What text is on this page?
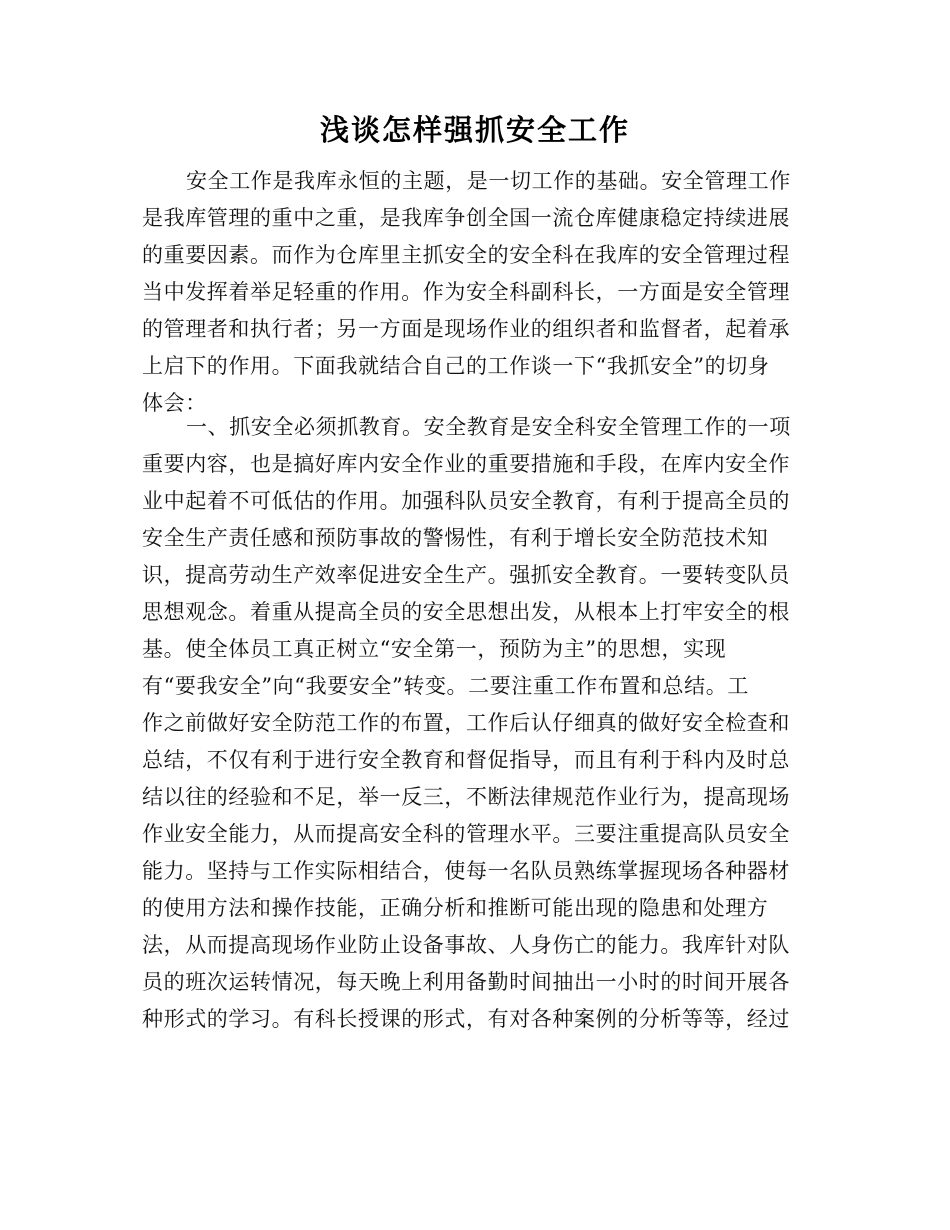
浅谈怎样强抓安全工作
安全工作是我库永恒的主题，是一切工作的基础。安全管理工作
是我库管理的重中之重，是我库争创全国一流仓库健康稳定持续进展
的重要因素。而作为仓库里主抓安全的安全科在我库的安全管理过程
当中发挥着举足轻重的作用。作为安全科副科长，一方面是安全管理
的管理者和执行者；另一方面是现场作业的组织者和监督者，起着承
上启下的作用。下面我就结合自己的工作谈一下“我抓安全”的切身
体会：
一、抓安全必须抓教育。安全教育是安全科安全管理工作的一项
重要内容，也是搞好库内安全作业的重要措施和手段，在库内安全作
业中起着不可低估的作用。加强科队员安全教育，有利于提高全员的
安全生产责任感和预防事故的警惕性，有利于增长安全防范技术知
识，提高劳动生产效率促进安全生产。强抓安全教育。一要转变队员
思想观念。着重从提高全员的安全思想出发，从根本上打牢安全的根
基。使全体员工真正树立“安全第一，预防为主”的思想，实现
有“要我安全”向“我要安全”转变。二要注重工作布置和总结。工
作之前做好安全防范工作的布置，工作后认仔细真的做好安全检查和
总结，不仅有利于进行安全教育和督促指导，而且有利于科内及时总
结以往的经验和不足，举一反三，不断法律规范作业行为，提高现场
作业安全能力，从而提高安全科的管理水平。三要注重提高队员安全
能力。坚持与工作实际相结合，使每一名队员熟练掌握现场各种器材
的使用方法和操作技能，正确分析和推断可能出现的隐患和处理方
法，从而提高现场作业防止设备事故、人身伤亡的能力。我库针对队
员的班次运转情况，每天晚上利用备勤时间抽出一小时的时间开展各
种形式的学习。有科长授课的形式，有对各种案例的分析等等，经过
